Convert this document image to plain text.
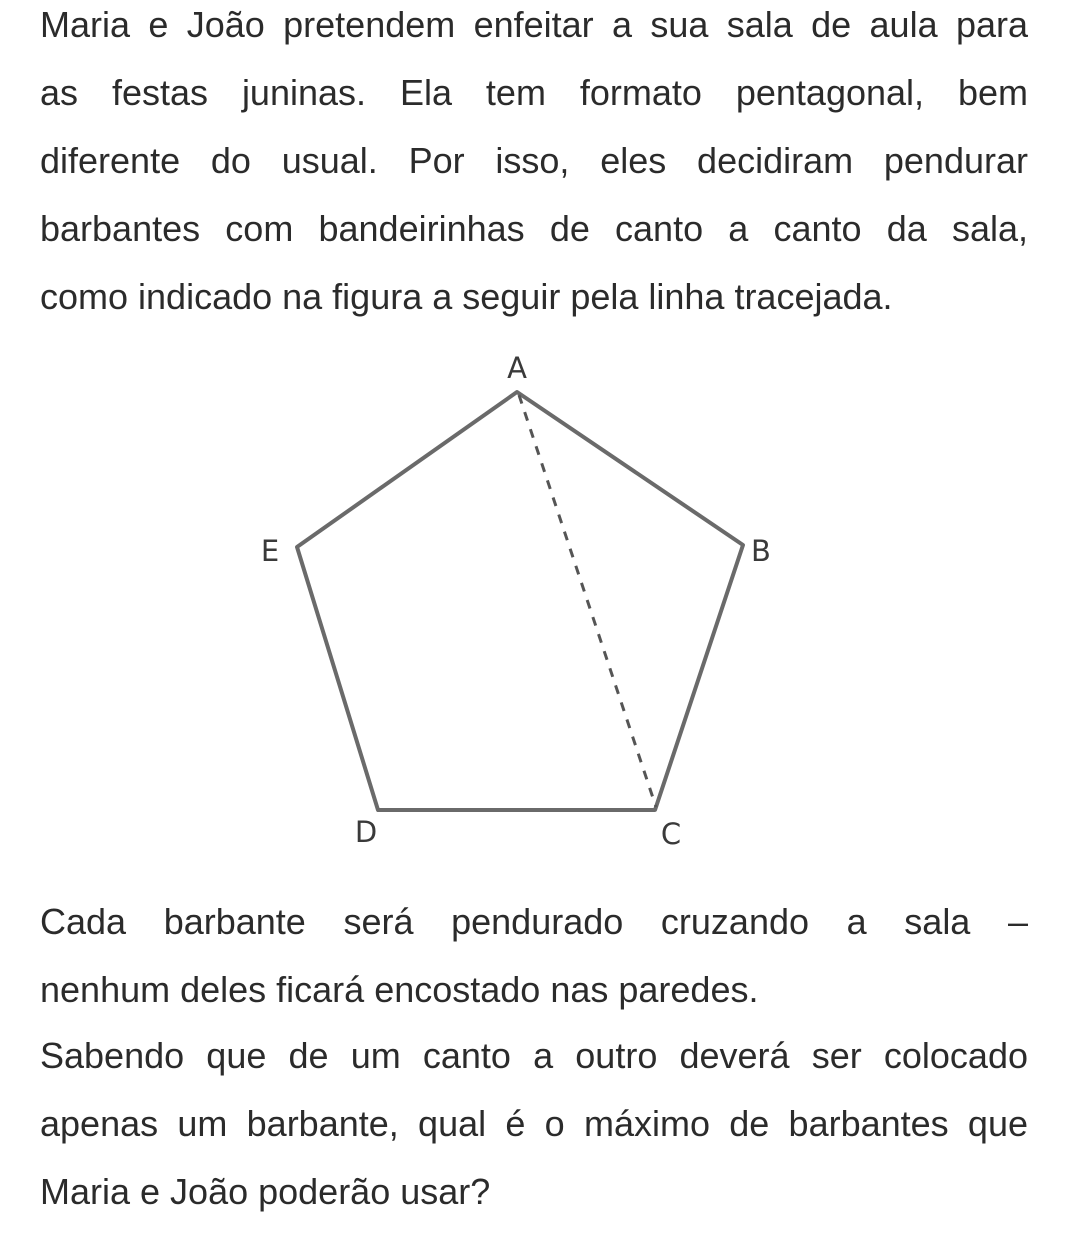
Maria e João pretendem enfeitar a sua sala de aula para
as festas juninas. Ela tem formato pentagonal, bem
diferente do usual. Por isso, eles decidiram pendurar
barbantes com bandeirinhas de canto a canto da sala,
como indicado na figura a seguir pela linha tracejada.
A
B
C
D
E
Cada barbante será pendurado cruzando a sala –
nenhum deles ficará encostado nas paredes.
Sabendo que de um canto a outro deverá ser colocado
apenas um barbante, qual é o máximo de barbantes que
Maria e João poderão usar?
